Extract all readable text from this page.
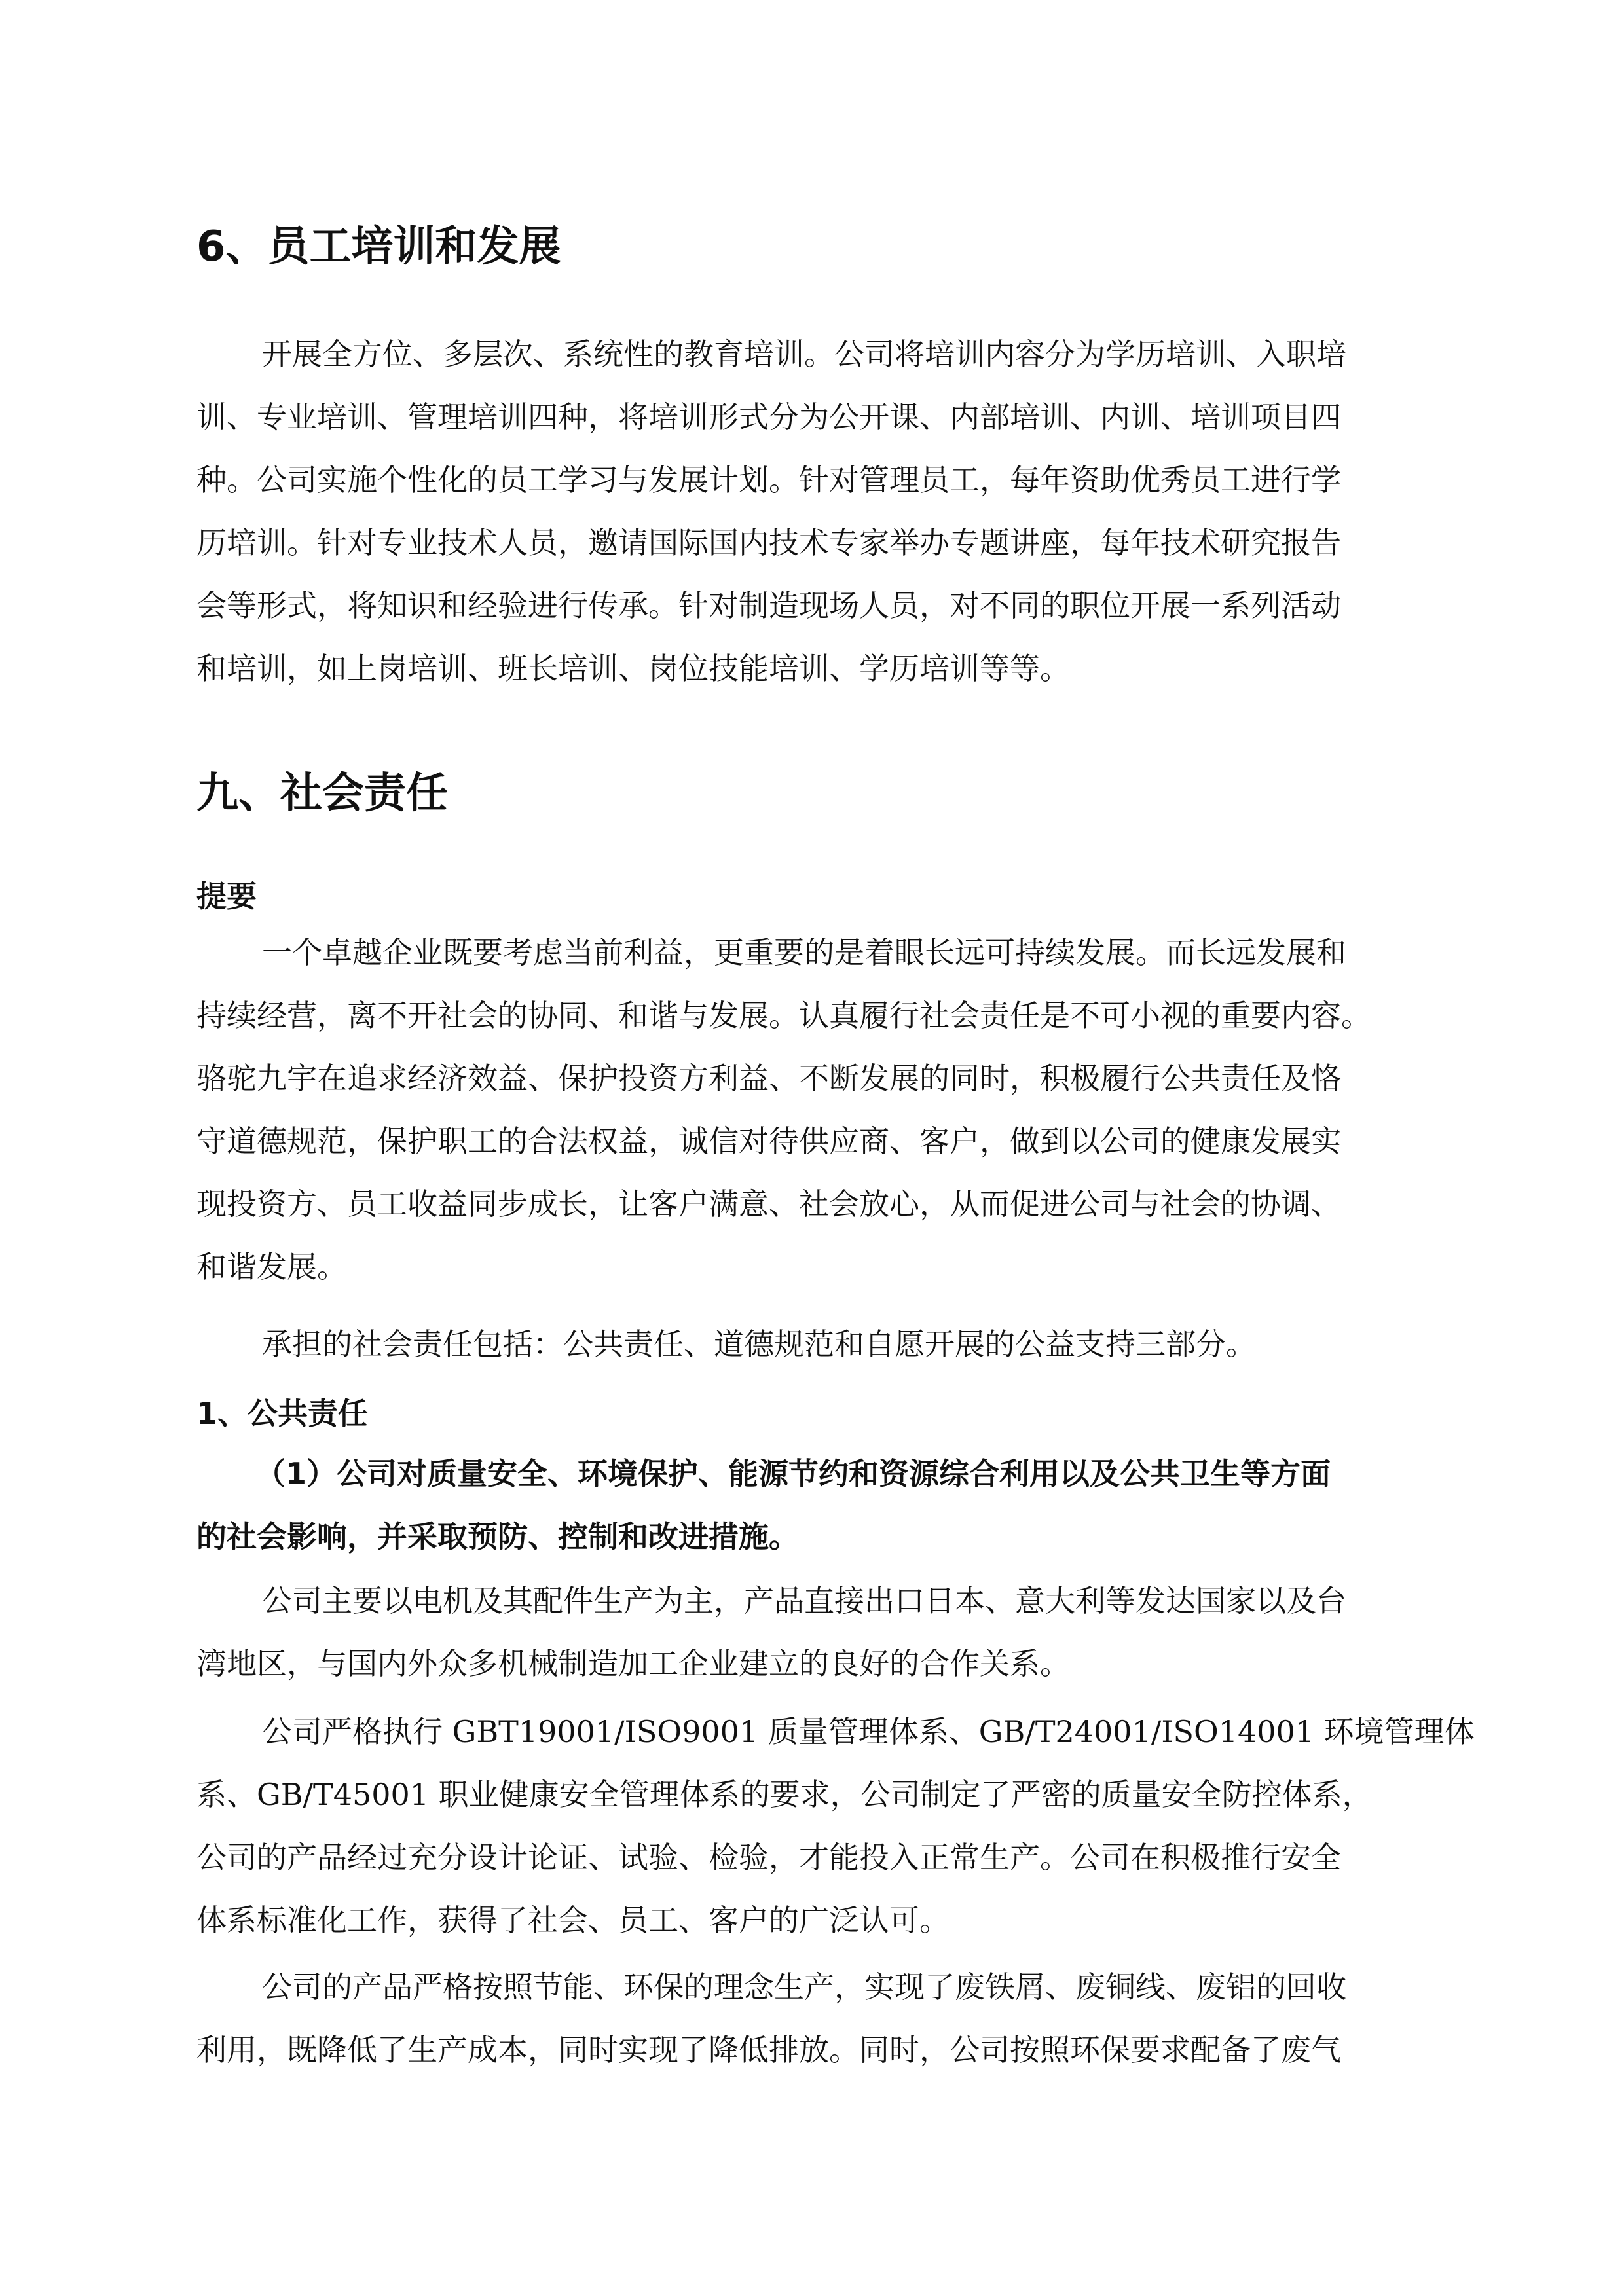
6、员工培训和发展
开展全方位、多层次、系统性的教育培训。公司将培训内容分为学历培训、入职培
训、专业培训、管理培训四种，将培训形式分为公开课、内部培训、内训、培训项目四
种。公司实施个性化的员工学习与发展计划。针对管理员工，每年资助优秀员工进行学
历培训。针对专业技术人员，邀请国际国内技术专家举办专题讲座，每年技术研究报告
会等形式，将知识和经验进行传承。针对制造现场人员，对不同的职位开展一系列活动
和培训，如上岗培训、班长培训、岗位技能培训、学历培训等等。
九、社会责任
提要
一个卓越企业既要考虑当前利益，更重要的是着眼长远可持续发展。而长远发展和
持续经营，离不开社会的协同、和谐与发展。认真履行社会责任是不可小视的重要内容。
骆驼九宇在追求经济效益、保护投资方利益、不断发展的同时，积极履行公共责任及恪
守道德规范，保护职工的合法权益，诚信对待供应商、客户，做到以公司的健康发展实
现投资方、员工收益同步成长，让客户满意、社会放心，从而促进公司与社会的协调、
和谐发展。
承担的社会责任包括：公共责任、道德规范和自愿开展的公益支持三部分。
1、公共责任
（1）公司对质量安全、环境保护、能源节约和资源综合利用以及公共卫生等方面
的社会影响，并采取预防、控制和改进措施。
公司主要以电机及其配件生产为主，产品直接出口日本、意大利等发达国家以及台
湾地区，与国内外众多机械制造加工企业建立的良好的合作关系。
公司严格执行 GBT19001/ISO9001 质量管理体系、GB/T24001/ISO14001 环境管理体
系、GB/T45001 职业健康安全管理体系的要求，公司制定了严密的质量安全防控体系，
公司的产品经过充分设计论证、试验、检验，才能投入正常生产。公司在积极推行安全
体系标准化工作，获得了社会、员工、客户的广泛认可。
公司的产品严格按照节能、环保的理念生产，实现了废铁屑、废铜线、废铝的回收
利用，既降低了生产成本，同时实现了降低排放。同时，公司按照环保要求配备了废气
